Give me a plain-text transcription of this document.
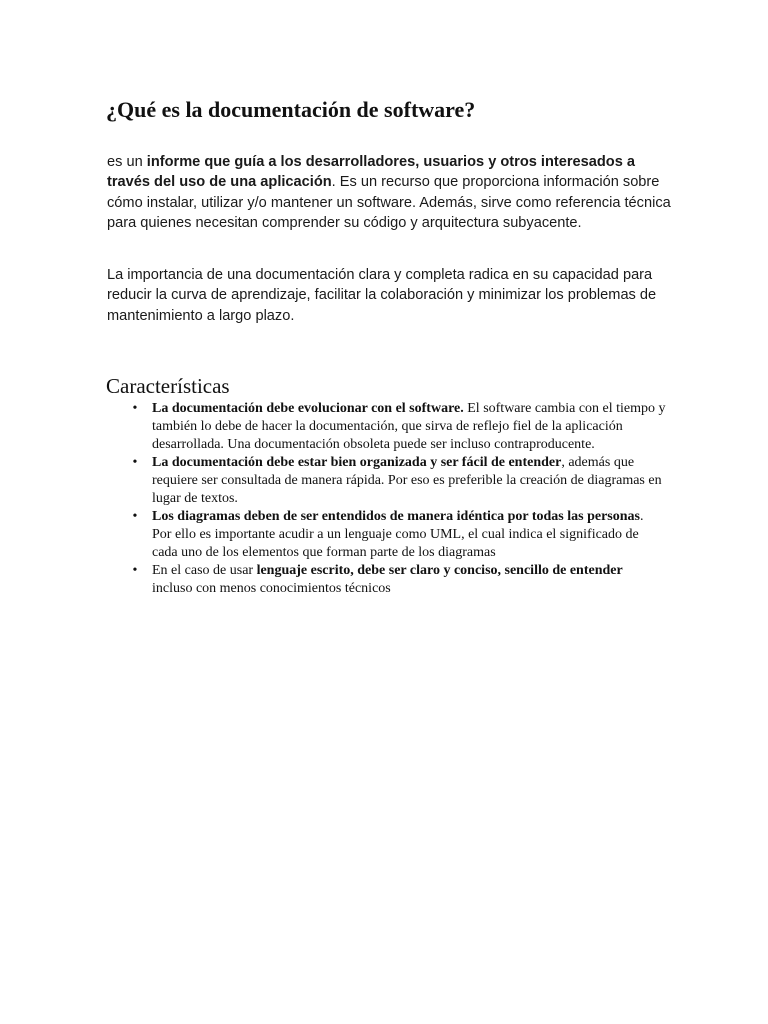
¿Qué es la documentación de software?

es un informe que guía a los desarrolladores, usuarios y otros interesados a través del uso de una aplicación. Es un recurso que proporciona información sobre cómo instalar, utilizar y/o mantener un software. Además, sirve como referencia técnica para quienes necesitan comprender su código y arquitectura subyacente.

La importancia de una documentación clara y completa radica en su capacidad para reducir la curva de aprendizaje, facilitar la colaboración y minimizar los problemas de mantenimiento a largo plazo.

Características
• La documentación debe evolucionar con el software. El software cambia con el tiempo y también lo debe de hacer la documentación, que sirva de reflejo fiel de la aplicación desarrollada. Una documentación obsoleta puede ser incluso contraproducente.
• La documentación debe estar bien organizada y ser fácil de entender, además que requiere ser consultada de manera rápida. Por eso es preferible la creación de diagramas en lugar de textos.
• Los diagramas deben de ser entendidos de manera idéntica por todas las personas. Por ello es importante acudir a un lenguaje como UML, el cual indica el significado de cada uno de los elementos que forman parte de los diagramas
• En el caso de usar lenguaje escrito, debe ser claro y conciso, sencillo de entender incluso con menos conocimientos técnicos
